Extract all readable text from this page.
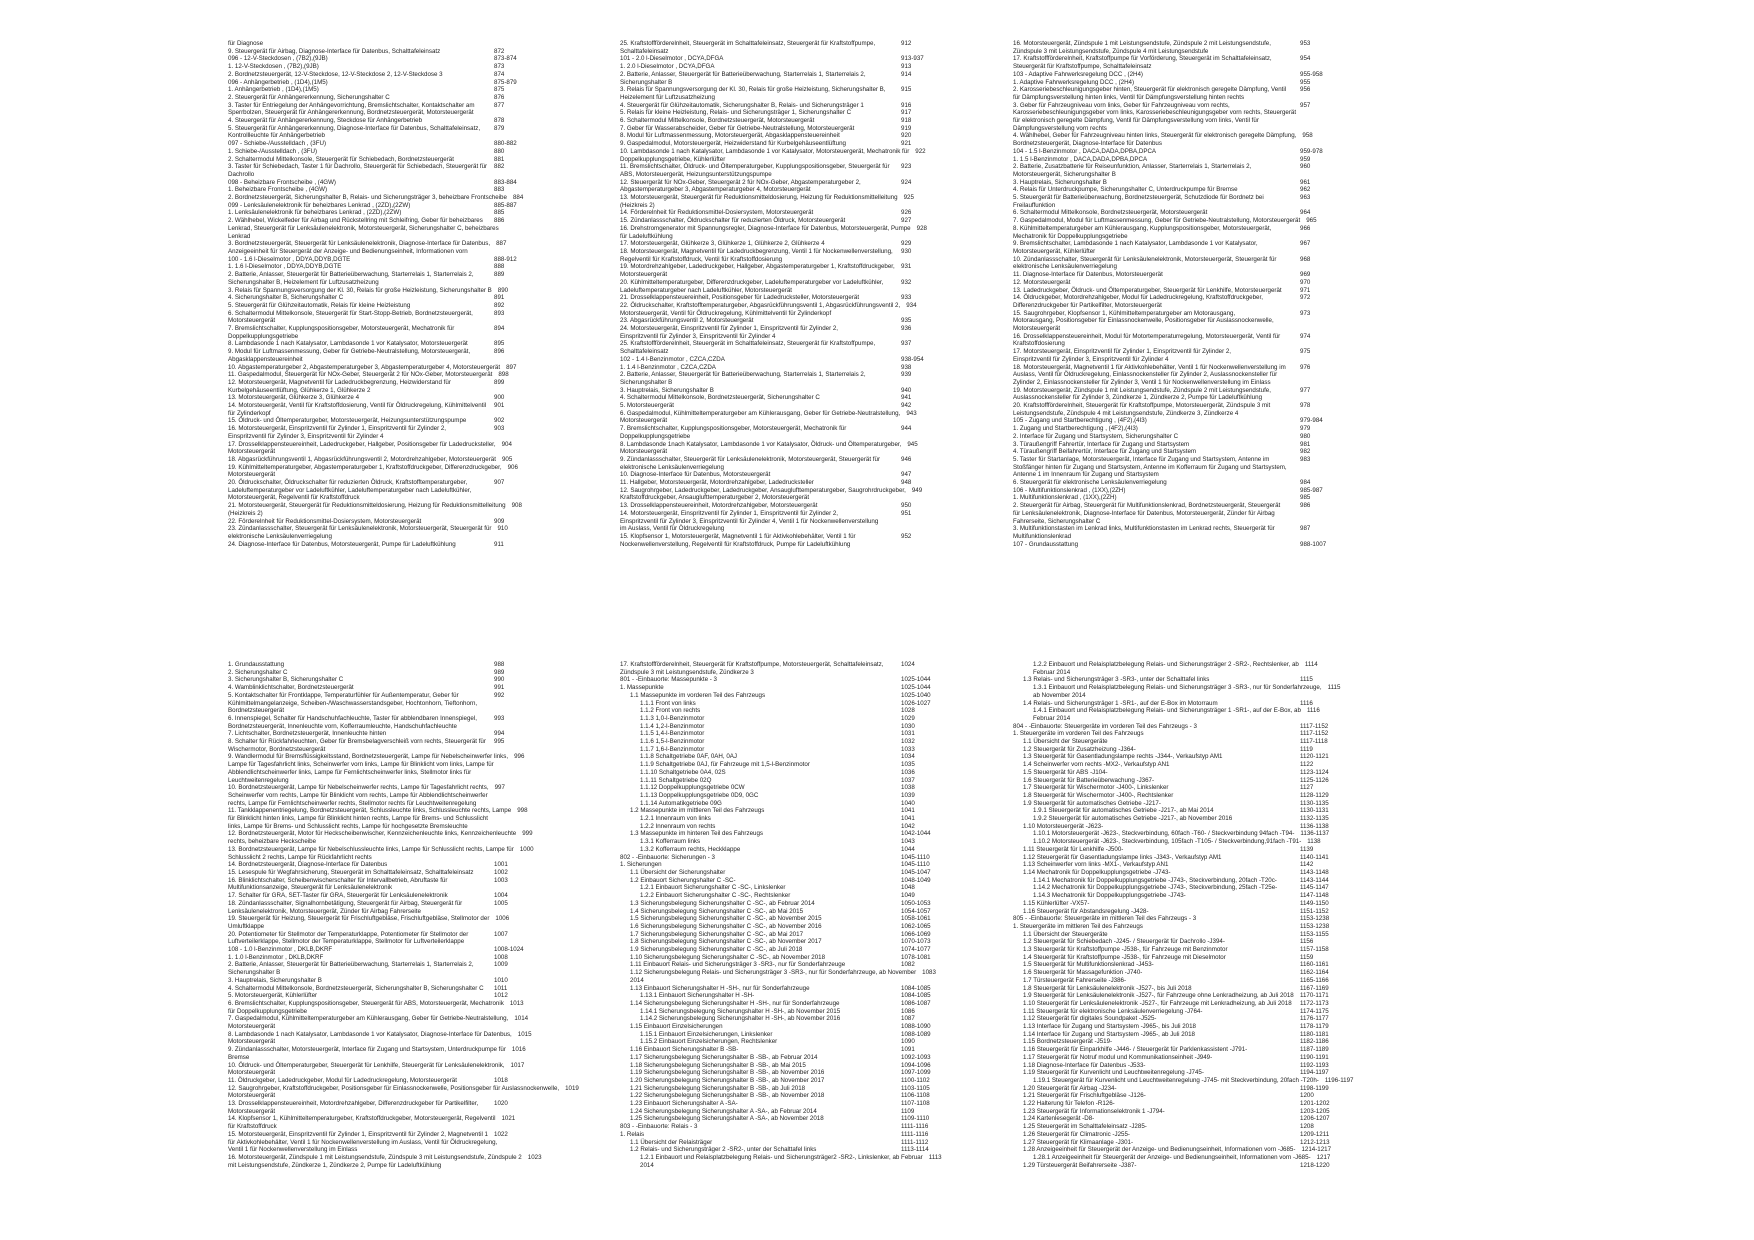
für Diagnose
9. Steuergerät für Airbag, Diagnose-Interface für Datenbus, Schalttafeleinsatz	872
096 - 12-V-Steckdosen , (7B2),(9JB)	873-874
1. 12-V-Steckdosen , (7B2),(9JB)	873
2. Bordnetzsteuergerät, 12-V-Steckdose, 12-V-Steckdose 2, 12-V-Steckdose 3	874
096 - Anhängerbetrieb , (1D4),(1M5)	875-879
1. Anhängerbetrieb , (1D4),(1M5)	875
2. Steuergerät für Anhängererkennung, Sicherungshalter C	876
3. Taster für Entriegelung der Anhängevorrichtung, Bremslichtschalter, Kontaktschalter am	877
Sperrbolzen, Steuergerät für Anhängererkennung, Bordnetzsteuergerät, Motorsteuergerät
4. Steuergerät für Anhängererkennung, Steckdose für Anhängerbetrieb	878
5. Steuergerät für Anhängererkennung, Diagnose-Interface für Datenbus, Schalttafeleinsatz,	879
Kontrollleuchte für Anhängerbetrieb
097 - Schiebe-/Ausstelldach , (3FU)	880-882
1. Schiebe-/Ausstelldach , (3FU)	880
2. Schaltermodul Mittelkonsole, Steuergerät für Schiebedach, Bordnetzsteuergerät	881
3. Taster für Schiebedach, Taster 1 für Dachrollo, Steuergerät für Schiebedach, Steuergerät für	882
Dachrollo
098 - Beheizbare Frontscheibe , (4GW)	883-884
1. Beheizbare Frontscheibe , (4GW)	883
2. Bordnetzsteuergerät, Sicherungshalter B, Relais- und Sicherungsträger 3, beheizbare Frontscheibe 884
099 - Lenksäulenelektronik für beheizbares Lenkrad , (2ZD),(2ZW)	885-887
1. Lenksäulenelektronik für beheizbares Lenkrad , (2ZD),(2ZW)	885
2. Wählhebel, Wickelfeder für Airbag und Rückstellring mit Schleifring, Geber für beheizbares	886
Lenkrad, Steuergerät für Lenksäulenelektronik, Motorsteuergerät, Sicherungshalter C, beheizbares
Lenkrad
3. Bordnetzsteuergerät, Steuergerät für Lenksäulenelektronik, Diagnose-Interface für Datenbus, 887
Anzeigeeinheit für Steuergerät der Anzeige- und Bedienungseinheit, Informationen vorn
100 - 1.6 l-Dieselmotor , DDYA,DDYB,DGTE	888-912
1. 1.6 l-Dieselmotor , DDYA,DDYB,DGTE	888
2. Batterie, Anlasser, Steuergerät für Batterieüberwachung, Starterrelais 1, Starterrelais 2,	889
Sicherungshalter B, Heizelement für Luftzusatzheizung
3. Relais für Spannungsversorgung der Kl. 30, Relais für große Heizleistung, Sicherungshalter B 890
4. Sicherungshalter B, Sicherungshalter C	891
5. Steuergerät für Glühzeitautomatik, Relais für kleine Heizleistung	892
6. Schaltermodul Mittelkonsole, Steuergerät für Start-Stopp-Betrieb, Bordnetzsteuergerät,	893
Motorsteuergerät
7. Bremslichtschalter, Kupplungspositionsgeber, Motorsteuergerät, Mechatronik für	894
Doppelkupplungsgetriebe
8. Lambdasonde 1 nach Katalysator, Lambdasonde 1 vor Katalysator, Motorsteuergerät	895
9. Modul für Luftmassenmessung, Geber für Getriebe-Neutralstellung, Motorsteuergerät,	896
Abgasklappensteuereinheit
10. Abgastemperaturgeber 2, Abgastemperaturgeber 3, Abgastemperaturgeber 4, Motorsteuergerät 897
11. Gaspedalmodul, Steuergerät für NOx-Geber, Steuergerät 2 für NOx-Geber, Motorsteuergerät 898
12. Motorsteuergerät, Magnetventil für Ladedruckbegrenzung, Heizwiderstand für	899
Kurbelgehäuseentlüftung, Glühkerze 1, Glühkerze 2
13. Motorsteuergerät, Glühkerze 3, Glühkerze 4	900
14. Motorsteuergerät, Ventil für Kraftstoffdosierung, Ventil für Öldruckregelung, Kühlmittelventil	901
für Zylinderkopf
15. Öldruck- und Öltemperaturgeber, Motorsteuergerät, Heizungsunterstützungspumpe	902
16. Motorsteuergerät, Einspritzventil für Zylinder 1, Einspritzventil für Zylinder 2,	903
Einspritzventil für Zylinder 3, Einspritzventil für Zylinder 4
17. Drosselklappensteuereinheit, Ladedruckgeber, Hallgeber, Positionsgeber für Ladedrucksteller, 904
Motorsteuergerät
18. Abgasrückführungsventil 1, Abgasrückführungsventil 2, Motordrehzahlgeber, Motorsteuergerät 905
19. Kühlmitteltemperaturgeber, Abgastemperaturgeber 1, Kraftstoffdruckgeber, Differenzdruckgeber, 906
Motorsteuergerät
20. Öldruckschalter, Öldruckschalter für reduzierten Öldruck, Kraftstofftemperaturgeber,	907
Ladeluftemperaturgeber vor Ladeluftkühler, Ladeluftemperaturgeber nach Ladeluftkühler,
Motorsteuergerät, Regelventil für Kraftstoffdruck
21. Motorsteuergerät, Steuergerät für Reduktionsmitteldosierung, Heizung für Reduktionsmittelleitung 908
(Heizkreis 2)
22. Förderelnheit für Reduktionsmittel-Dosiersystem, Motorsteuergerät	909
23. Zündanlassschalter, Steuergerät für Lenksäulenelektronik, Motorsteuergerät, Steuergerät für 910
elektronische Lenksäulenverriegelung
24. Diagnose-Interface für Datenbus, Motorsteuergerät, Pumpe für Ladeluftkühlung	911
25. Kraftstoffförderelnheit, Steuergerät im Schalttafeleinsatz, Steuergerät für Kraftstoffpumpe,	912
Schalttafeleinsatz
101 - 2.0 l-Dieselmotor , DCYA,DFGA	913-937
1. 2.0 l-Dieselmotor , DCYA,DFGA	913
2. Batterie, Anlasser, Steuergerät für Batterieüberwachung, Starterrelais 1, Starterrelais 2,	914
Sicherungshalter B
3. Relais für Spannungsversorgung der Kl. 30, Relais für große Heizleistung, Sicherungshalter B,	915
Heizelement für Luftzusatzheizung
4. Steuergerät für Glühzeitautomatik, Sicherungshalter B, Relais- und Sicherungsträger 1	916
5. Relais für kleine Heizleistung, Relais- und Sicherungsträger 1, Sicherungshalter C	917
6. Schaltermodul Mittelkonsole, Bordnetzsteuergerät, Motorsteuergerät	918
7. Geber für Wasserabscheider, Geber für Getriebe-Neutralstellung, Motorsteuergerät	919
8. Modul für Luftmassenmessung, Motorsteuergerät, Abgasklappensteuereinheit	920
9. Gaspedalmodul, Motorsteuergerät, Heizwiderstand für Kurbelgehäuseentlüftung	921
10. Lambdasonde 1 nach Katalysator, Lambdasonde 1 vor Katalysator, Motorsteuergerät, Mechatronik für 922
Doppelkupplungsgetriebe, Kühlerlüfter
11. Bremslichtschalter, Öldruck- und Öltemperaturgeber, Kupplungspositionsgeber, Steuergerät für	923
ABS, Motorsteuergerät, Heizungsunterstützungspumpe
12. Steuergerät für NOx-Geber, Steuergerät 2 für NOx-Geber, Abgastemperaturgeber 2,	924
Abgastemperaturgeber 3, Abgastemperaturgeber 4, Motorsteuergerät
13. Motorsteuergerät, Steuergerät für Reduktionsmitteldosierung, Heizung für Reduktionsmittelleitung 925
(Heizkreis 2)
14. Förderelnheit für Reduktionsmittel-Dosiersystem, Motorsteuergerät	926
15. Zündanlassschalter, Öldruckschalter für reduzierten Öldruck, Motorsteuergerät	927
16. Drehstromgenerator mit Spannungsregler, Diagnose-Interface für Datenbus, Motorsteuergerät, Pumpe 928
für Ladeluftkühlung
17. Motorsteuergerät, Glühkerze 3, Glühkerze 1, Glühkerze 2, Glühkerze 4	929
18. Motorsteuergerät, Magnetventil für Ladedruckbegrenzung, Ventil 1 für Nockenwellenverstellung,	930
Regelventil für Kraftstoffdruck, Ventil für Kraftstoffdosierung
19. Motordrehzahlgeber, Ladedruckgeber, Hallgeber, Abgastemperaturgeber 1, Kraftstoffdruckgeber,	931
Motorsteuergerät
20. Kühlmitteltemperaturgeber, Differenzdruckgeber, Ladeluftemperaturgeber vor Ladeluftkühler,	932
Ladeluftemperaturgeber nach Ladeluftkühler, Motorsteuergerät
21. Drosselklappensteuereinheit, Positionsgeber für Ladedrucksteller, Motorsteuergerät	933
22. Öldruckschalter, Kraftstofftemperaturgeber, Abgasrückführungsventil 1, Abgasrückführungsventil 2, 934
Motorsteuergerät, Ventil für Öldruckregelung, Kühlmittelventil für Zylinderkopf
23. Abgasrückführungsventil 2, Motorsteuergerät	935
24. Motorsteuergerät, Einspritzventil für Zylinder 1, Einspritzventil für Zylinder 2,	936
Einspritzventil für Zylinder 3, Einspritzventil für Zylinder 4
25. Kraftstoffförderelnheit, Steuergerät im Schalttafeleinsatz, Steuergerät für Kraftstoffpumpe,	937
Schalttafeleinsatz
102 - 1.4 l-Benzinmotor , CZCA,CZDA	938-954
1. 1.4 l-Benzinmotor , CZCA,CZDA	938
2. Batterie, Anlasser, Steuergerät für Batterieüberwachung, Starterrelais 1, Starterrelais 2,	939
Sicherungshalter B
3. Hauptrelais, Sicherungshalter B	940
4. Schaltermodul Mittelkonsole, Bordnetzsteuergerät, Sicherungshalter C	941
5. Motorsteuergerät	942
6. Gaspedalmodul, Kühlmitteltemperaturgeber am Kühlerausgang, Geber für Getriebe-Neutralstellung, 943
Motorsteuergerät
7. Bremslichtschalter, Kupplungspositionsgeber, Motorsteuergerät, Mechatronik für	944
Doppelkupplungsgetriebe
8. Lambdasonde 1nach Katalysator, Lambdasonde 1 vor Katalysator, Öldruck- und Öltemperaturgeber, 945
Motorsteuergerät
9. Zündanlassschalter, Steuergerät für Lenksäulenelektronik, Motorsteuergerät, Steuergerät für	946
elektronische Lenksäulenverriegelung
10. Diagnose-Interface für Datenbus, Motorsteuergerät	947
11. Hallgeber, Motorsteuergerät, Motordrehzahlgeber, Ladedrucksteller	948
12. Saugrohrgeber, Ladedruckgeber, Ladedruckgeber, Ansauglufttemperaturgeber, Saugrohrdruckgeber, 949
Kraftstoffdruckgeber, Ansauglufttemperaturgeber 2, Motorsteuergerät
13. Drosselklappensteuereinheit, Motordrehzahlgeber, Motorsteuergerät	950
14. Motorsteuergerät, Einspritzventil für Zylinder 1, Einspritzventil für Zylinder 2,	951
Einspritzventil für Zylinder 3, Einspritzventil für Zylinder 4, Ventil 1 für Nockenwellenverstellung
im Auslass, Ventil für Öldruckregelung
15. Klopfsensor 1, Motorsteuergerät, Magnetventil 1 für Aktivkohlebehälter, Ventil 1 für	952
Nockenwellenverstellung, Regelventil für Kraftstoffdruck, Pumpe für Ladeluftkühlung
16. Motorsteuergerät, Zündspule 1 mit Leistungsendstufe, Zündspule 2 mit Leistungsendstufe,	953
Zündspule 3 mit Leistungsendstufe, Zündspule 4 mit Leistungsendstufe
17. Kraftstoffförderelnheit, Kraftstoffpumpe für Vorförderung, Steuergerät im Schalttafeleinsatz,	954
Steuergerät für Kraftstoffpumpe, Schalttafeleinsatz
103 - Adaptive Fahrwerksregelung DCC , (2H4)	955-958
1. Adaptive Fahrwerksregelung DCC , (2H4)	955
2. Karosseriebeschleunigungsgeber hinten, Steuergerät für elektronisch geregelte Dämpfung, Ventil	956
für Dämpfungsverstellung hinten links, Ventil für Dämpfungsverstellung hinten rechts
3. Geber für Fahrzeugniveau vorn links, Geber für Fahrzeugniveau vorn rechts,	957
Karosseriebeschleunigungsgeber vorn links, Karosseriebeschleunigungsgeber vorn rechts, Steuergerät
für elektronisch geregelte Dämpfung, Ventil für Dämpfungsverstellung vorn links, Ventil für
Dämpfungsverstellung vorn rechts
4. Wählhebel, Geber für Fahrzeugniveau hinten links, Steuergerät für elektronisch geregelte Dämpfung, 958
Bordnetzsteuergerät, Diagnose-Interface für Datenbus
104 - 1.5 l-Benzinmotor , DACA,DADA,DPBA,DPCA	959-978
1. 1.5 l-Benzinmotor , DACA,DADA,DPBA,DPCA	959
2. Batterie, Zusatzbatterie für Reiseunfunktion, Anlasser, Starterrelais 1, Starterrelais 2,	960
Motorsteuergerät, Sicherungshalter B
3. Hauptrelais, Sicherungshalter B	961
4. Relais für Unterdruckpumpe, Sicherungshalter C, Unterdruckpumpe für Bremse	962
5. Steuergerät für Batterieüberwachung, Bordnetzsteuergerät, Schutzdiode für Bordnetz bei	963
Freilauffunktion
6. Schaltermodul Mittelkonsole, Bordnetzsteuergerät, Motorsteuergerät	964
7. Gaspedalmodul, Modul für Luftmassenmessung, Geber für Getriebe-Neutralstellung, Motorsteuergerät 965
8. Kühlmitteltemperaturgeber am Kühlerausgang, Kupplungspositionsgeber, Motorsteuergerät,	966
Mechatronik für Doppelkupplungsgetriebe
9. Bremslichtschalter, Lambdasonde 1 nach Katalysator, Lambdasonde 1 vor Katalysator,	967
Motorsteuergerät, Kühlerlüfter
10. Zündanlassschalter, Steuergerät für Lenksäulenelektronik, Motorsteuergerät, Steuergerät für	968
elektronische Lenksäulenverriegelung
11. Diagnose-Interface für Datenbus, Motorsteuergerät	969
12. Motorsteuergerät	970
13. Ladedruckgeber, Öldruck- und Öltemperaturgeber, Steuergerät für Lenkhilfe, Motorsteuergerät	971
14. Öldruckgeber, Motordrehzahlgeber, Modul für Ladedruckregelung, Kraftstoffdruckgeber,	972
Differenzdruckgeber für Partikelfilter, Motorsteuergerät
15. Saugrohrgeber, Klopfsensor 1, Kühlmitteltemperaturgeber am Motorausgang,	973
Motorausgang, Positionsgeber für Einlassnockenwelle, Positionsgeber für Auslassnockenwelle,
Motorsteuergerät
16. Drosselklappensteuereinheit, Modul für Motortemperaturregelung, Motorsteuergerät, Ventil für	974
Kraftstoffdosierung
17. Motorsteuergerät, Einspritzventil für Zylinder 1, Einspritzventil für Zylinder 2,	975
Einspritzventil für Zylinder 3, Einspritzventil für Zylinder 4
18. Motorsteuergerät, Magnetventil 1 für Aktivkohlebehälter, Ventil 1 für Nockenwellenverstellung im	976
Auslass, Ventil für Öldruckregelung, Einlassnockensteller für Zylinder 2, Auslassnockensteller für
Zylinder 2, Einlassnockensteller für Zylinder 3, Ventil 1 für Nockenwellenverstellung im Einlass
19. Motorsteuergerät, Zündspule 1 mit Leistungsendstufe, Zündspule 2 mit Leistungsendstufe,	977
Auslassnockensteller für Zylinder 3, Zündkerze 1, Zündkerze 2, Pumpe für Ladeluftkühlung
20. Kraftstoffförderelnheit, Steuergerät für Kraftstoffpumpe, Motorsteuergerät, Zündspule 3 mit	978
Leistungsendstufe, Zündspule 4 mit Leistungsendstufe, Zündkerze 3, Zündkerze 4
105 - Zugang und Startberechtigung , (4F2),(4I3)	979-984
1. Zugang und Startberechtigung , (4F2),(4I3)	979
2. Interface für Zugang und Startsystem, Sicherungshalter C	980
3. Türaußengriff Fahrertür, Interface für Zugang und Startsystem	981
4. Türaußengriff Beifahrertür, Interface für Zugang und Startsystem	982
5. Taster für Startanlage, Motorsteuergerät, Interface für Zugang und Startsystem, Antenne im	983
Stoßfänger hinten für Zugang und Startsystem, Antenne im Kofferraum für Zugang und Startsystem,
Antenne 1 im Innenraum für Zugang und Startsystem
6. Steuergerät für elektronische Lenksäulenverriegelung	984
106 - Multifunktionslenkrad , (1XX),(2ZH)	985-987
1. Multifunktionslenkrad , (1XX),(2ZH)	985
2. Steuergerät für Airbag, Steuergerät für Multifunktionslenkrad, Bordnetzsteuergerät, Steuergerät	986
für Lenksäulenelektronik, Diagnose-Interface für Datenbus, Motorsteuergerät, Zünder für Airbag
Fahrerseite, Sicherungshalter C
3. Multifunktionstasten im Lenkrad links, Multifunktionstasten im Lenkrad rechts, Steuergerät für	987
Multifunktionslenkrad
107 - Grundausstattung	988-1007
1. Grundausstattung	988
2. Sicherungshalter C	989
3. Sicherungshalter B, Sicherungshalter C	990
4. Wamblinklichtschalter, Bordnetzsteuergerät	991
5. Kontaktschalter für Frontklappe, Temperaturfühler für Außentemperatur, Geber für	992
Kühlmittelmangelanzeige, Scheiben-/Waschwasserstandsgeber, Hochtonhorn, Tieftonhorn,
Bordnetzsteuergerät
6. Innenspiegel, Schalter für Handschuhfachleuchte, Taster für abblendbaren Innenspiegel,	993
Bordnetzsteuergerät, Innenleuchte vorn, Kofferraumleuchte, Handschuhfachleuchte
7. Lichtschalter, Bordnetzsteuergerät, Innenleuchte hinten	994
8. Schalter für Rückfahrleuchten, Geber für Bremsbelagverschleiß vorn rechts, Steuergerät für	995
Wischermotor, Bordnetzsteuergerät
9. Wandlermodul für Bremsflüssigkeitsstand, Bordnetzsteuergerät, Lampe für Nebelscheinwerfer links, 996
Lampe für Tagesfahrlicht links, Scheinwerfer vorn links, Lampe für Blinklicht vorn links, Lampe für
Abblendlichtscheinwerfer links, Lampe für Fernlichtscheinwerfer links, Stellmotor links für
Leuchtweitenregelung
10. Bordnetzsteuergerät, Lampe für Nebelscheinwerfer rechts, Lampe für Tagesfahrlicht rechts, 997
Scheinwerfer vorn rechts, Lampe für Blinklicht vorn rechts, Lampe für Abblendlichtscheinwerfer
rechts, Lampe für Fernlichtscheinwerfer rechts, Stellmotor rechts für Leuchtweitenregelung
11. Tankklappenentriegelung, Bordnetzsteuergerät, Schlussleuchte links, Schlussleuchte rechts, Lampe 998
für Blinklicht hinten links, Lampe für Blinklicht hinten rechts, Lampe für Brems- und Schlusslicht
links, Lampe für Brems- und Schlusslicht rechts, Lampe für hochgesetzte Bremsleuchte
12. Bordnetzsteuergerät, Motor für Heckscheibenwischer, Kennzeichenleuchte links, Kennzeichenleuchte 999
rechts, beheizbare Heckscheibe
13. Bordnetzsteuergerät, Lampe für Nebelschlussleuchte links, Lampe für Schlusslicht rechts, Lampe für 1000
Schlusslicht 2 rechts, Lampe für Rückfahrlicht rechts
14. Bordnetzsteuergerät, Diagnose-Interface für Datenbus	1001
15. Lesespule für Wegfahrsicherung, Steuergerät im Schalttafeleinsatz, Schalttafeleinsatz	1002
16. Blinklichtschalter, Scheibenwischerschalter für Intervallbetrieb, Abruftaste für	1003
Multifunktionsanzeige, Steuergerät für Lenksäulenelektronik
17. Schalter für GRA, SET-Taster für GRA, Steuergerät für Lenksäulenelektronik	1004
18. Zündanlassschalter, Signalhornbetätigung, Steuergerät für Airbag, Steuergerät für	1005
Lenksäulenelektronik, Motorsteuergerät, Zünder für Airbag Fahrerseite
19. Steuergerät für Heizung, Steuergerät für Frischluftgebläse, Frischluftgebläse, Stellmotor der 1006
Umluftklappe
20. Potentiometer für Stellmotor der Temperaturklappe, Potentiometer für Stellmotor der	1007
Luftverteilerklappe, Stellmotor der Temperaturklappe, Stellmotor für Luftverteilerklappe
108 - 1.0 l-Benzinmotor , DKLB,DKRF	1008-1024
1. 1.0 l-Benzinmotor , DKLB,DKRF	1008
2. Batterie, Anlasser, Steuergerät für Batterieüberwachung, Starterrelais 1, Starterrelais 2,	1009
Sicherungshalter B
3. Hauptrelais, Sicherungshalter B	1010
4. Schaltermodul Mittelkonsole, Bordnetzsteuergerät, Sicherungshalter B, Sicherungshalter C	1011
5. Motorsteuergerät, Kühlerlüfter	1012
6. Bremslichtschalter, Kupplungspositionsgeber, Steuergerät für ABS, Motorsteuergerät, Mechatronik 1013
für Doppelkupplungsgetriebe
7. Gaspedalmodul, Kühlmitteltemperaturgeber am Kühlerausgang, Geber für Getriebe-Neutralstellung, 1014
Motorsteuergerät
8. Lambdasonde 1 nach Katalysator, Lambdasonde 1 vor Katalysator, Diagnose-Interface für Datenbus, 1015
Motorsteuergerät
9. Zündanlassschalter, Motorsteuergerät, Interface für Zugang und Startsystem, Unterdruckpumpe für 1016
Bremse
10. Öldruck- und Öltemperaturgeber, Steuergerät für Lenkhilfe, Steuergerät für Lenksäulenelektronik, 1017
Motorsteuergerät
11. Öldruckgeber, Ladedruckgeber, Modul für Ladedruckregelung, Motorsteuergerät	1018
12. Saugrohrgeber, Kraftstoffdruckgeber, Positionsgeber für Einlassnockenwelle, Positionsgeber für Auslassnockenwelle, 1019
Motorsteuergerät
13. Drosselklappensteuereinheit, Motordrehzahlgeber, Differenzdruckgeber für Partikelfilter,	1020
Motorsteuergerät
14. Klopfsensor 1, Kühlmitteltemperaturgeber, Kraftstoffdruckgeber, Motorsteuergerät, Regelventil 1021
für Kraftstoffdruck
15. Motorsteuergerät, Einspritzventil für Zylinder 1, Einspritzventil für Zylinder 2, Magnetventil 1 1022
für Aktivkohlebehälter, Ventil 1 für Nockenwellenverstellung im Auslass, Ventil für Öldruckregelung,
Ventil 1 für Nockenwellenverstellung im Einlass
16. Motorsteuergerät, Zündspule 1 mit Leistungsendstufe, Zündspule 3 mit Leistungsendstufe, Zündspule 2 1023
mit Leistungsendstufe, Zündkerze 1, Zündkerze 2, Pumpe für Ladeluftkühlung
17. Kraftstoffförderelnheit, Steuergerät für Kraftstoffpumpe, Motorsteuergerät, Schalttafeleinsatz,	1024
Zündspule 3 mit Leistungsendstufe, Zündkerze 3
801 - -Einbauorte: Massepunkte - 3	1025-1044
1. Massepunkte	1025-1044
1.1 Massepunkte im vorderen Teil des Fahrzeugs	1025-1040
1.1.1 Front von links	1026-1027
1.1.2 Front von rechts	1028
1.1.3 1,0-l-Benzinmotor	1029
1.1.4 1,2-l-Benzinmotor	1030
1.1.5 1,4-l-Benzinmotor	1031
1.1.6 1,5-l-Benzinmotor	1032
1.1.7 1,6-l-Benzinmotor	1033
1.1.8 Schaltgetriebe 0AF, 0AH, 0AJ	1034
1.1.9 Schaltgetriebe 0AJ, für Fahrzeuge mit 1,5-l-Benzinmotor	1035
1.1.10 Schaltgetriebe 0A4, 02S	1036
1.1.11 Schaltgetriebe 02Q	1037
1.1.12 Doppelkupplungsgetriebe 0CW	1038
1.1.13 Doppelkupplungsgetriebe 0D9, 0GC	1039
1.1.14 Automatikgetriebe 09G	1040
1.2 Massepunkte im mittleren Teil des Fahrzeugs	1041
1.2.1 Innenraum von links	1041
1.2.2 Innenraum von rechts	1042
1.3 Massepunkte im hinteren Teil des Fahrzeugs	1042-1044
1.3.1 Kofferraum links	1043
1.3.2 Kofferraum rechts, Heckklappe	1044
802 - -Einbauorte: Sicherungen - 3	1045-1110
1. Sicherungen	1045-1110
1.1 Übersicht der Sicherungshalter	1045-1047
1.2 Einbauort Sicherungshalter C -SC-	1048-1049
1.2.1 Einbauort Sicherungshalter C -SC-, Linkslenker	1048
1.2.2 Einbauort Sicherungshalter C -SC-, Rechtslenker	1049
1.3 Sicherungsbelegung Sicherungshalter C -SC-, ab Februar 2014	1050-1053
1.4 Sicherungsbelegung Sicherungshalter C -SC-, ab Mai 2015	1054-1057
1.5 Sicherungsbelegung Sicherungshalter C -SC-, ab November 2015	1058-1061
1.6 Sicherungsbelegung Sicherungshalter C -SC-, ab November 2016	1062-1065
1.7 Sicherungsbelegung Sicherungshalter C -SC-, ab Mai 2017	1066-1069
1.8 Sicherungsbelegung Sicherungshalter C -SC-, ab November 2017	1070-1073
1.9 Sicherungsbelegung Sicherungshalter C -SC-, ab Juli 2018	1074-1077
1.10 Sicherungsbelegung Sicherungshalter C -SC-, ab November 2018	1078-1081
1.11 Einbauort Relais- und Sicherungsträger 3 -SR3-, nur für Sonderfahrzeuge	1082
1.12 Sicherungsbelegung Relais- und Sicherungsträger 3 -SR3-, nur für Sonderfahrzeuge, ab November 1083
2014
1.13 Einbauort Sicherungshalter H -SH-, nur für Sonderfahrzeuge	1084-1085
1.13.1 Einbauort Sicherungshalter H -SH-	1084-1085
1.14 Sicherungsbelegung Sicherungshalter H -SH-, nur für Sonderfahrzeuge	1086-1087
1.14.1 Sicherungsbelegung Sicherungshalter H -SH-, ab November 2015	1086
1.14.2 Sicherungsbelegung Sicherungshalter H -SH-, ab November 2016	1087
1.15 Einbauort Einzelsicherungen	1088-1090
1.15.1 Einbauort Einzelsicherungen, Linkslenker	1088-1089
1.15.2 Einbauort Einzelsicherungen, Rechtslenker	1090
1.16 Einbauort Sicherungshalter B -SB-	1091
1.17 Sicherungsbelegung Sicherungshalter B -SB-, ab Februar 2014	1092-1093
1.18 Sicherungsbelegung Sicherungshalter B -SB-, ab Mai 2015	1094-1096
1.19 Sicherungsbelegung Sicherungshalter B -SB-, ab November 2016	1097-1099
1.20 Sicherungsbelegung Sicherungshalter B -SB-, ab November 2017	1100-1102
1.21 Sicherungsbelegung Sicherungshalter B -SB-, ab Juli 2018	1103-1105
1.22 Sicherungsbelegung Sicherungshalter B -SB-, ab November 2018	1106-1108
1.23 Einbauort Sicherungshalter A -SA-	1107-1108
1.24 Sicherungsbelegung Sicherungshalter A -SA-, ab Februar 2014	1109
1.25 Sicherungsbelegung Sicherungshalter A -SA-, ab November 2018	1109-1110
803 - -Einbauorte: Relais - 3	1111-1116
1. Relais	1111-1116
1.1 Übersicht der Relaisträger	1111-1112
1.2 Relais- und Sicherungsträger 2 -SR2-, unter der Schalttafel links	1113-1114
1.2.1 Einbauort und Relaisplatzbelegung Relais- und Sicherungsträger2 -SR2-, Linkslenker, ab Februar 1113
2014
1.2.2 Einbauort und Relaisplatzbelegung Relais- und Sicherungsträger 2 -SR2-, Rechtslenker, ab 1114
Februar 2014
1.3 Relais- und Sicherungsträger 3 -SR3-, unter der Schalttafel links	1115
1.3.1 Einbauort und Relaisplatzbelegung Relais- und Sicherungsträger 3 -SR3-, nur für Sonderfahrzeuge, 1115
ab November 2014
1.4 Relais- und Sicherungsträger 1 -SR1-, auf der E-Box im Motorraum	1116
1.4.1 Einbauort und Relaisplatzbelegung Relais- und Sicherungsträger 1 -SR1-, auf der E-Box, ab 1116
Februar 2014
804 - -Einbauorte: Steuergeräte im vorderen Teil des Fahrzeugs - 3	1117-1152
1. Steuergeräte im vorderen Teil des Fahrzeugs	1117-1152
1.1 Übersicht der Steuergeräte	1117-1118
1.2 Steuergerät für Zusatzheizung -J364-	1119
1.3 Steuergerät für Gasentladungslampe rechts -J344-, Verkaufstyp AM1	1120-1121
1.4 Scheinwerfer vorn rechts -MX2-, Verkaufstyp AN1	1122
1.5 Steuergerät für ABS -J104-	1123-1124
1.6 Steuergerät für Batterieüberwachung -J367-	1125-1126
1.7 Steuergerät für Wischermotor -J400-, Linkslenker	1127
1.8 Steuergerät für Wischermotor -J400-, Rechtslenker	1128-1129
1.9 Steuergerät für automatisches Getriebe -J217-	1130-1135
1.9.1 Steuergerät für automatisches Getriebe -J217-, ab Mai 2014	1130-1131
1.9.2 Steuergerät für automatisches Getriebe -J217-, ab November 2016	1132-1135
1.10 Motorsteuergerät -J623-	1136-1138
1.10.1 Motorsteuergerät -J623-, Steckverbindung, 60fach -T60- / Steckverbindung 94fach -T94- 1136-1137
1.10.2 Motorsteuergerät -J623-, Steckverbindung, 105fach -T105- / Steckverbindung,91fach -T91- 1138
1.11 Steuergerät für Lenkhilfe -J500-	1139
1.12 Steuergerät für Gasentladungslampe links -J343-, Verkaufstyp AM1	1140-1141
1.13 Scheinwerfer vorn links -MX1-, Verkaufstyp AN1	1142
1.14 Mechatronik für Doppelkupplungsgetriebe -J743-	1143-1148
1.14.1 Mechatronik für Doppelkupplungsgetriebe -J743-, Steckverbindung, 20fach -T20c-	1143-1144
1.14.2 Mechatronik für Doppelkupplungsgetriebe -J743-, Steckverbindung, 25fach -T25e-	1145-1147
1.14.3 Mechatronik für Doppelkupplungsgetriebe -J743-	1147-1148
1.15 Kühlerlüfter -VX57-	1149-1150
1.16 Steuergerät für Abstandsregelung -J428-	1151-1152
805 - -Einbauorte: Steuergeräte im mittleren Teil des Fahrzeugs - 3	1153-1238
1. Steuergeräte im mittleren Teil des Fahrzeugs	1153-1238
1.1 Übersicht der Steuergeräte	1153-1155
1.2 Steuergerät für Schiebedach -J245- / Steuergerät für Dachrollo -J394-	1156
1.3 Steuergerät für Kraftstoffpumpe -J538-, für Fahrzeuge mit Benzinmotor	1157-1158
1.4 Steuergerät für Kraftstoffpumpe -J538-, für Fahrzeuge mit Dieselmotor	1159
1.5 Steuergerät für Multifunktionslenkrad -J453-	1160-1161
1.6 Steuergerät für Massagefunktion -J740-	1162-1164
1.7 Türsteuergerät Fahrerseite -J386-	1165-1166
1.8 Steuergerät für Lenksäulenelektronik -J527-, bis Juli 2018	1167-1169
1.9 Steuergerät für Lenksäulenelektronik -J527-, für Fahrzeuge ohne Lenkradheizung, ab Juli 2018	1170-1171
1.10 Steuergerät für Lenksäulenelektronik -J527-, für Fahrzeuge mit Lenkradheizung, ab Juli 2018	1172-1173
1.11 Steuergerät für elektronische Lenksäulenverriegelung -J764-	1174-1175
1.12 Steuergerät für digitales Soundpaket -J525-	1176-1177
1.13 Interface für Zugang und Startsystem -J965-, bis Juli 2018	1178-1179
1.14 Interface für Zugang und Startsystem -J965-, ab Juli 2018	1180-1181
1.15 Bordnetzsteuergerät -J519-	1182-1186
1.16 Steuergerät für Einparkhilfe -J446- / Steuergerät für Parklenkassistent -J791-	1187-1189
1.17 Steuergerät für Notruf modul und Kommunikationseinheit -J949-	1190-1191
1.18 Diagnose-Interface für Datenbus -J533-	1192-1193
1.19 Steuergerät für Kurvenlicht und Leuchtweitenregelung -J745-	1194-1197
1.19.1 Steuergerät für Kurvenlicht und Leuchtweitenregelung -J745- mit Steckverbindung, 20fach -T20h- 1196-1197
1.20 Steuergerät für Airbag -J234-	1198-1199
1.21 Steuergerät für Frischluftgebläse -J126-	1200
1.22 Halterung für Telefon -R126-	1201-1202
1.23 Steuergerät für Informationselektronik 1 -J794-	1203-1205
1.24 Kartenlesegerät -D8-	1206-1207
1.25 Steuergerät im Schalttafeleinsatz -J285-	1208
1.26 Steuergerät für Climatronic -J255-	1209-1211
1.27 Steuergerät für Klimaanlage -J301-	1212-1213
1.28 Anzeigeeinheit für Steuergerät der Anzeige- und Bedienungseinheit, Informationen vorn -J685- 1214-1217
1.28.1 Anzeigeeinheit für Steuergerät der Anzeige- und Bedienungseinheit, Informationen vorn -J685- 1217
1.29 Türsteuergerät Beifahrerseite -J387-	1218-1220
